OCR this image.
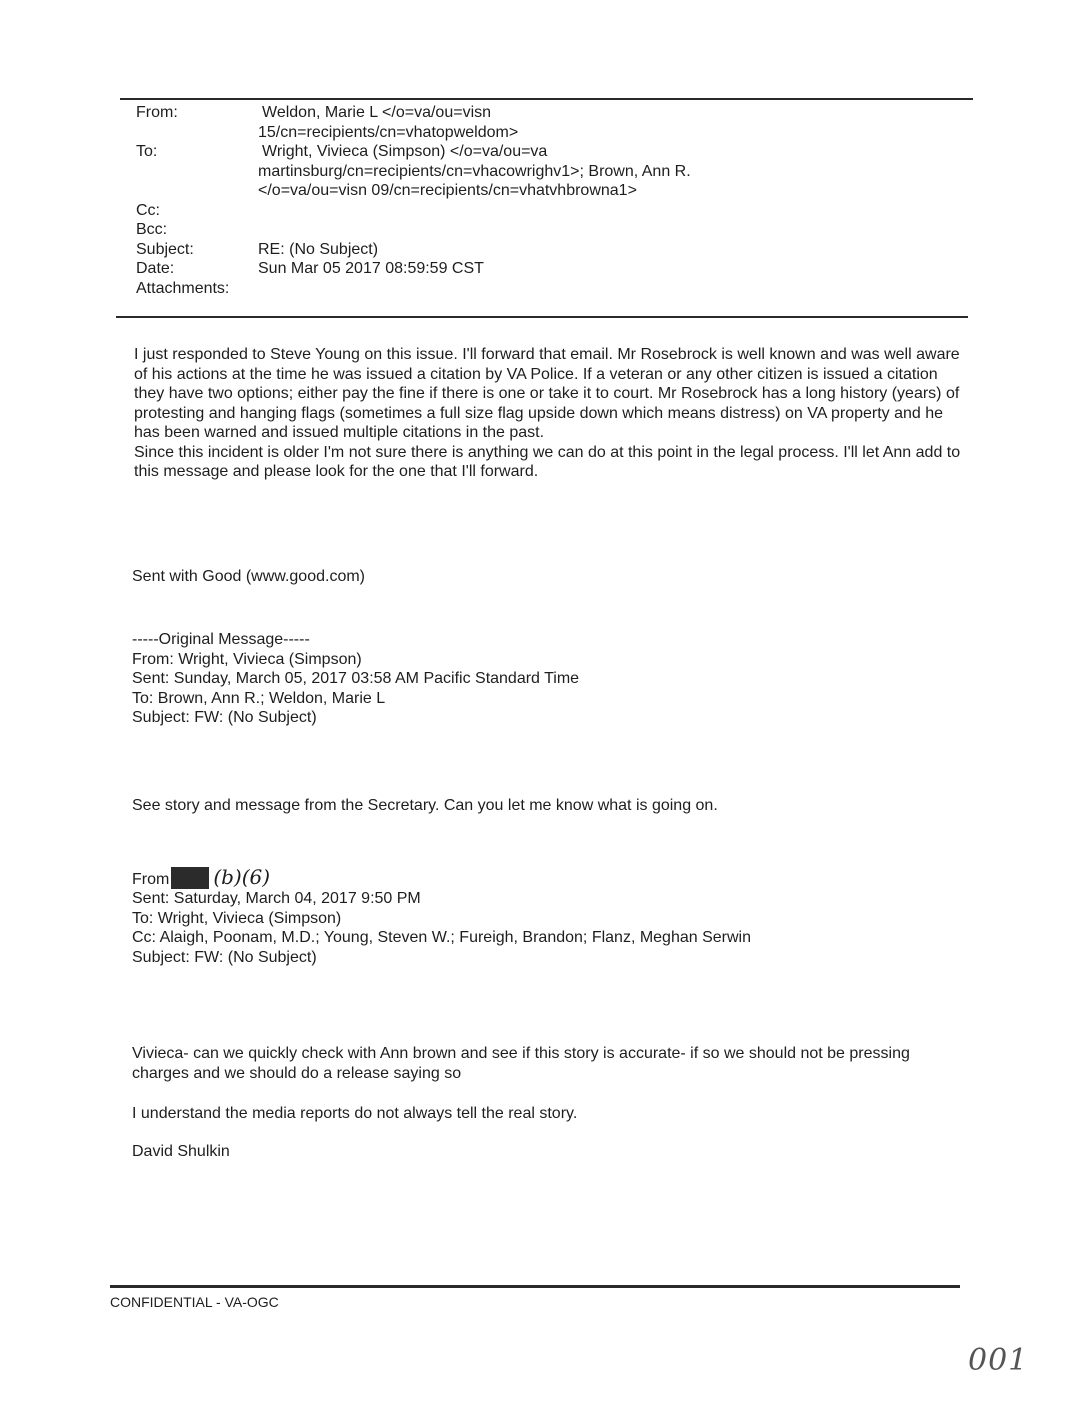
From:	Weldon, Marie L </o=va/ou=visn
15/cn=recipients/cn=vhatopweldom>
To:	Wright, Vivieca (Simpson) </o=va/ou=va
martinsburg/cn=recipients/cn=vhacowrighv1>; Brown, Ann R.
</o=va/ou=visn 09/cn=recipients/cn=vhatvhbrowna1>
Cc:
Bcc:
Subject:	RE: (No Subject)
Date:	Sun Mar 05 2017 08:59:59 CST
Attachments:

I just responded to Steve Young on this issue. I'll forward that email. Mr Rosebrock is well known and was well aware of his actions at the time he was issued a citation by VA Police. If a veteran or any other citizen is issued a citation they have two options; either pay the fine if there is one or take it to court. Mr Rosebrock has a long history (years) of protesting and hanging flags (sometimes a full size flag upside down which means distress) on VA property and he has been warned and issued multiple citations in the past.

Since this incident is older I'm not sure there is anything we can do at this point in the legal process. I'll let Ann add to this message and please look for the one that I'll forward.

Sent with Good (www.good.com)
-----Original Message-----
From: Wright, Vivieca (Simpson)
Sent: Sunday, March 05, 2017 03:58 AM Pacific Standard Time
To: Brown, Ann R.; Weldon, Marie L
Subject: FW: (No Subject)
See story and message from the Secretary. Can you let me know what is going on.
From (b)(6)
Sent: Saturday, March 04, 2017 9:50 PM
To: Wright, Vivieca (Simpson)
Cc: Alaigh, Poonam, M.D.; Young, Steven W.; Fureigh, Brandon; Flanz, Meghan Serwin
Subject: FW: (No Subject)
Vivieca- can we quickly check with Ann brown and see if this story is accurate- if so we should not be pressing charges and we should do a release saying so
I understand the media reports do not always tell the real story.
David Shulkin
CONFIDENTIAL - VA-OGC
001
